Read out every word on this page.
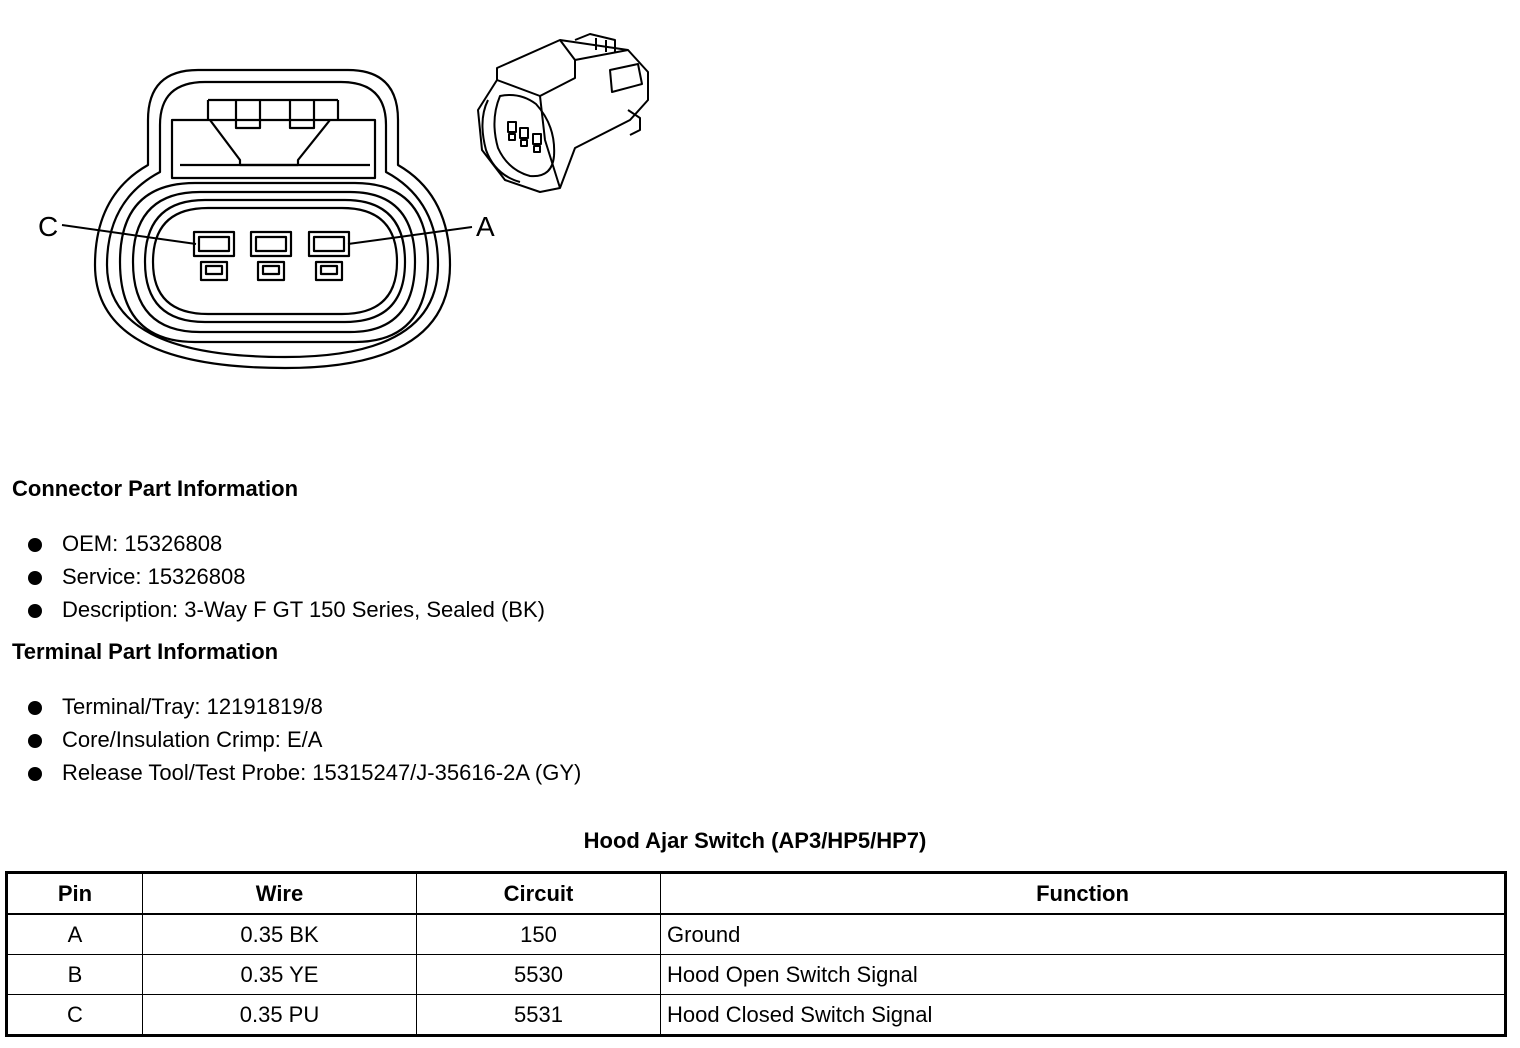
C	A
Connector Part Information
OEM: 15326808
Service: 15326808
Description: 3-Way F GT 150 Series, Sealed (BK)
Terminal Part Information
Terminal/Tray: 12191819/8
Core/Insulation Crimp: E/A
Release Tool/Test Probe: 15315247/J-35616-2A (GY)
Hood Ajar Switch (AP3/HP5/HP7)
Pin	Wire	Circuit	Function
A	0.35 BK	150	Ground
B	0.35 YE	5530	Hood Open Switch Signal
C	0.35 PU	5531	Hood Closed Switch Signal
